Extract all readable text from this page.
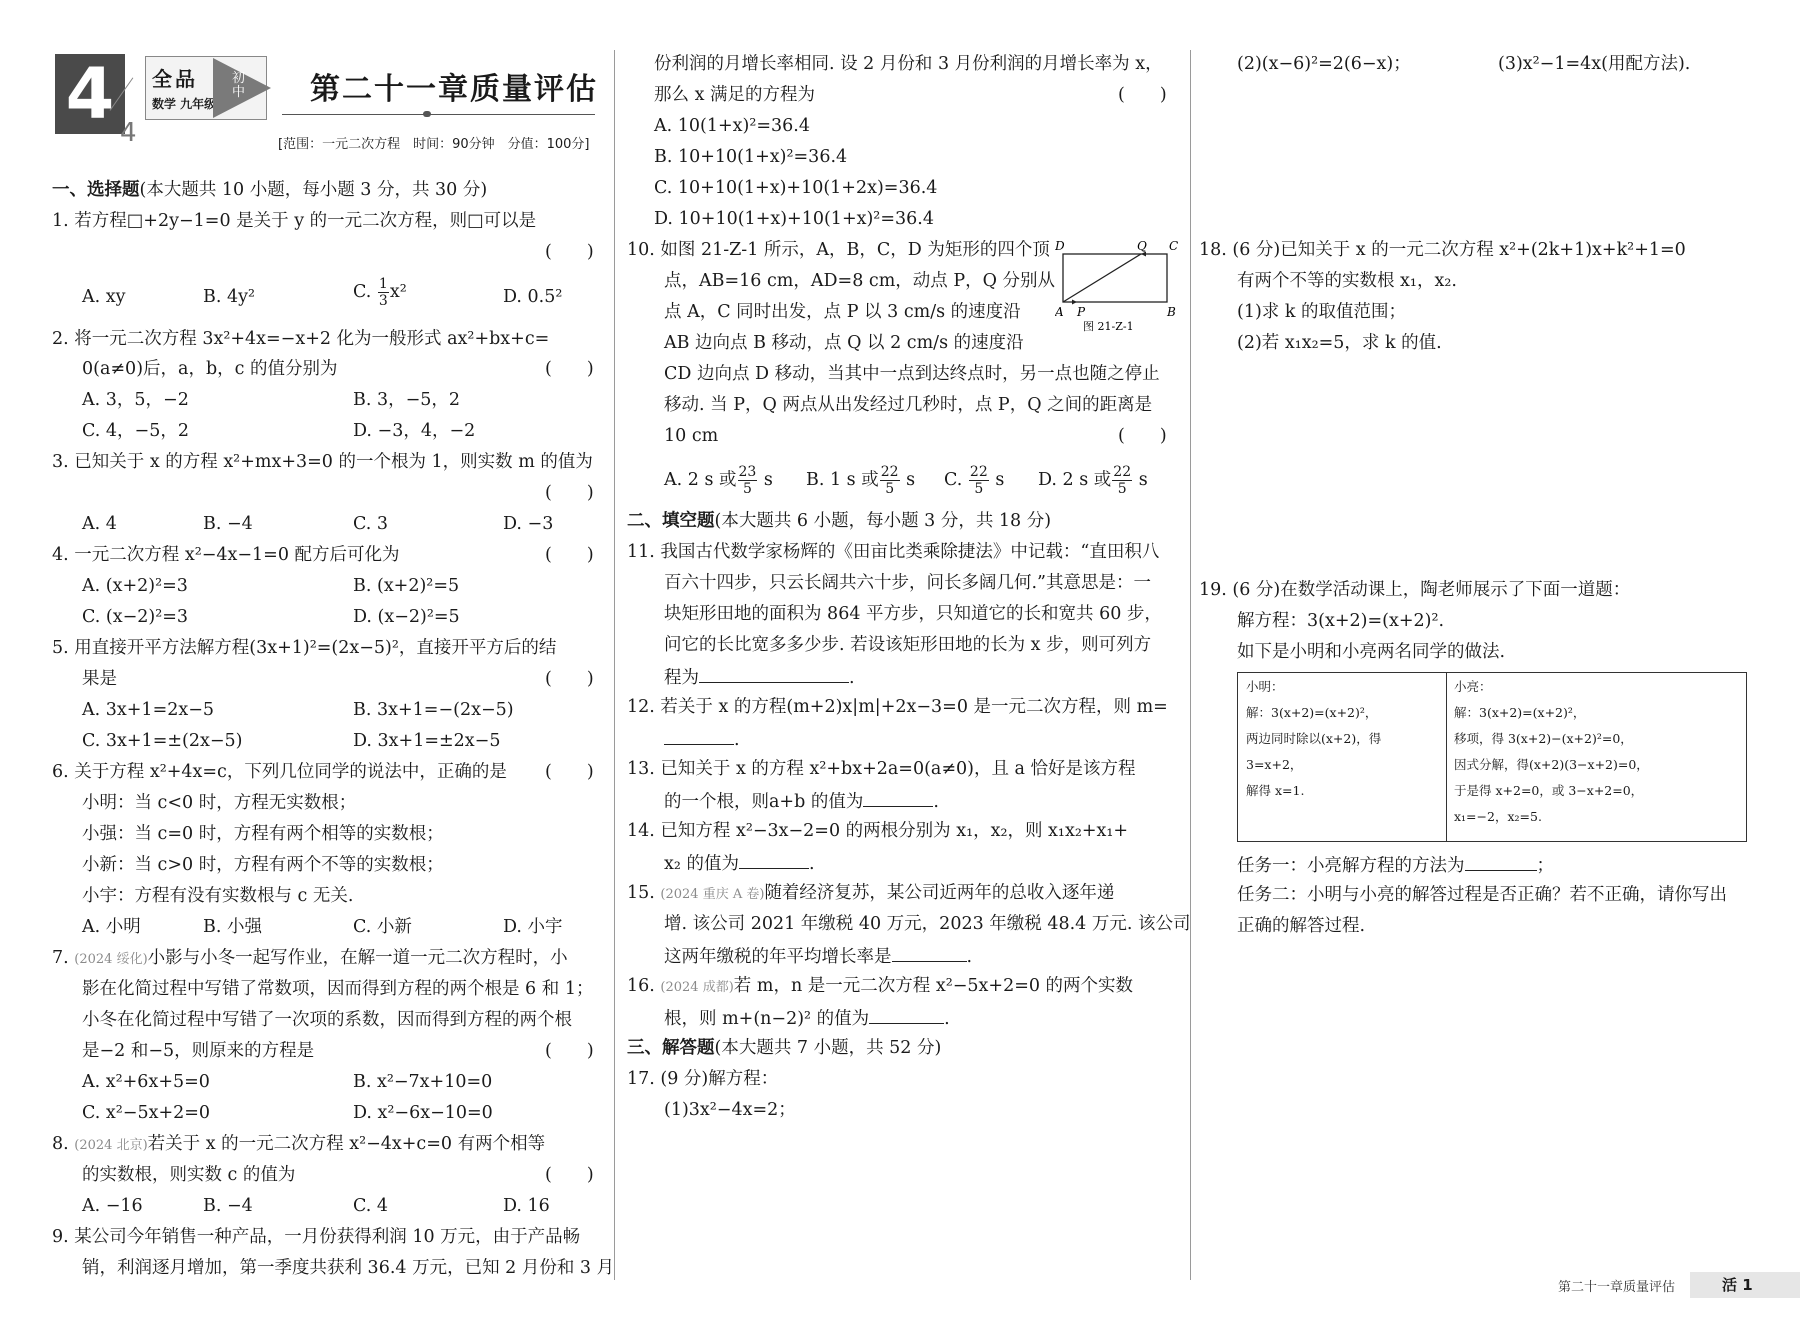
4 4
全品
数学 九年级
初中 第二十一章质量评估
[范围：一元二次方程　时间：90分钟　分值：100分]
一、选择题(本大题共 10 小题，每小题 3 分，共 30 分)
1. 若方程□+2y−1=0 是关于 y 的一元二次方程，则□可以是
(　　)
A. xy	B. 4y²	C. $\frac{1}{3} x^2$	D. 0.5²
2. 将一元二次方程 3x²+4x=−x+2 化为一般形式 ax²+bx+c=
0(a≠0)后，a，b，c 的值分别为	(　　)
A. 3，5，−2	B. 3，−5，2
C. 4，−5，2	D. −3，4，−2
3. 已知关于 x 的方程 x²+mx+3=0 的一个根为 1，则实数 m 的值为
(　　)
A. 4	B. −4	C. 3	D. −3
4. 一元二次方程 x²−4x−1=0 配方后可化为	(　　)
A. (x+2)²=3	B. (x+2)²=5
C. (x−2)²=3	D. (x−2)²=5
5. 用直接开平方法解方程(3x+1)²=(2x−5)²，直接开平方后的结
果是	(　　)
A. 3x+1=2x−5	B. 3x+1=−(2x−5)
C. 3x+1=±(2x−5)	D. 3x+1=±2x−5
6. 关于方程 x²+4x=c，下列几位同学的说法中，正确的是 (　　)
小明：当 c<0 时，方程无实数根；
小强：当 c=0 时，方程有两个相等的实数根；
小新：当 c>0 时，方程有两个不等的实数根；
小宇：方程有没有实数根与 c 无关.
A. 小明	B. 小强	C. 小新	D. 小宇
7. (2024 绥化)小影与小冬一起写作业，在解一道一元二次方程时，小
影在化简过程中写错了常数项，因而得到方程的两个根是 6 和 1；
小冬在化简过程中写错了一次项的系数，因而得到方程的两个根
是−2 和−5，则原来的方程是	(　　)
A. x²+6x+5=0	B. x²−7x+10=0
C. x²−5x+2=0	D. x²−6x−10=0
8. (2024 北京)若关于 x 的一元二次方程 x²−4x+c=0 有两个相等
的实数根，则实数 c 的值为	(　　)
A. −16	B. −4	C. 4	D. 16
9. 某公司今年销售一种产品，一月份获得利润 10 万元，由于产品畅
销，利润逐月增加，第一季度共获利 36.4 万元，已知 2 月份和 3 月
份利润的月增长率相同. 设 2 月份和 3 月份利润的月增长率为 x，
那么 x 满足的方程为	(　　)
A. 10(1+x)²=36.4
B. 10+10(1+x)²=36.4
C. 10+10(1+x)+10(1+2x)=36.4
D. 10+10(1+x)+10(1+x)²=36.4
10. 如图 21-Z-1 所示，A，B，C，D 为矩形的四个顶
点，AB=16 cm，AD=8 cm，动点 P，Q 分别从
点 A，C 同时出发，点 P 以 3 cm/s 的速度沿
AB 边向点 B 移动，点 Q 以 2 cm/s 的速度沿
CD 边向点 D 移动，当其中一点到达终点时，另一点也随之停止
移动. 当 P，Q 两点从出发经过几秒时，点 P，Q 之间的距离是
10 cm	(　　)
A. 2 s 或 $\frac{23}{5}$ s B. 1 s 或 $\frac{22}{5}$ s C. $\frac{22}{5}$ s D. 2 s 或 $\frac{22}{5}$ s
D	Q C
A P	B
图 21-Z-1
二、填空题(本大题共 6 小题，每小题 3 分，共 18 分)
11. 我国古代数学家杨辉的《田亩比类乘除捷法》中记载：“直田积八
百六十四步，只云长阔共六十步，问长多阔几何.”其意思是：一
块矩形田地的面积为 864 平方步，只知道它的长和宽共 60 步，
问它的长比宽多多少步. 若设该矩形田地的长为 x 步，则可列方
程为	.
12. 若关于 x 的方程(m+2)x|m|+2x−3=0 是一元二次方程，则 m=
.
13. 已知关于 x 的方程 x²+bx+2a=0(a≠0)，且 a 恰好是该方程
的一个根，则a+b 的值为	.
14. 已知方程 x²−3x−2=0 的两根分别为 x₁，x₂，则 x₁x₂+x₁+
x₂ 的值为	.
15. (2024 重庆 A 卷)随着经济复苏，某公司近两年的总收入逐年递
增. 该公司 2021 年缴税 40 万元，2023 年缴税 48.4 万元. 该公司
这两年缴税的年平均增长率是	.
16. (2024 成都)若 m，n 是一元二次方程 x²−5x+2=0 的两个实数
根，则 m+(n−2)² 的值为	.
三、解答题(本大题共 7 小题，共 52 分)
17. (9 分)解方程：
(1)3x²−4x=2；
(2)(x−6)²=2(6−x)；	(3)x²−1=4x(用配方法).
18. (6 分)已知关于 x 的一元二次方程 x²+(2k+1)x+k²+1=0
有两个不等的实数根 x₁，x₂.
(1)求 k 的取值范围；
(2)若 x₁x₂=5，求 k 的值.
19. (6 分)在数学活动课上，陶老师展示了下面一道题：
解方程：3(x+2)=(x+2)².
如下是小明和小亮两名同学的做法.
小明：
解：3(x+2)=(x+2)²，
两边同时除以(x+2)，得
3=x+2，
解得 x=1.
小亮：
解：3(x+2)=(x+2)²，
移项，得 3(x+2)−(x+2)²=0，
因式分解，得(x+2)(3−x+2)=0，
于是得 x+2=0，或 3−x+2=0，
x₁=−2，x₂=5.
任务一：小亮解方程的方法为	；
任务二：小明与小亮的解答过程是否正确？若不正确，请你写出
正确的解答过程.
第二十一章质量评估	活 1
